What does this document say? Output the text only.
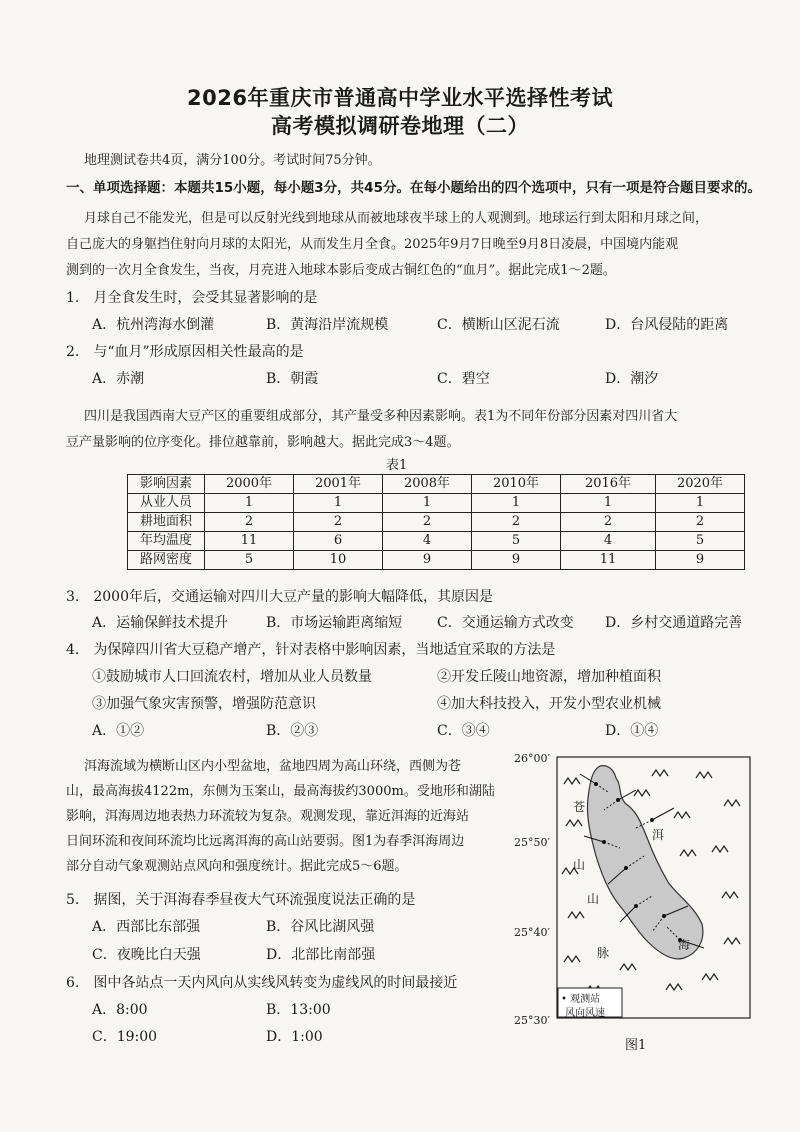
2026年重庆市普通高中学业水平选择性考试
高考模拟调研卷地理（二）
地理测试卷共4页，满分100分。考试时间75分钟。
一、单项选择题：本题共15小题，每小题3分，共45分。在每小题给出的四个选项中，只有一项是符合题目要求的。
月球自己不能发光，但是可以反射光线到地球从而被地球夜半球上的人观测到。地球运行到太阳和月球之间，
自己庞大的身躯挡住射向月球的太阳光，从而发生月全食。2025年9月7日晚至9月8日凌晨，中国境内能观
测到的一次月全食发生，当夜，月亮进入地球本影后变成古铜红色的“血月”。据此完成1～2题。
1.　月全食发生时，会受其显著影响的是
A．杭州湾海水倒灌	B．黄海沿岸流规模	C．横断山区泥石流	D．台风侵陆的距离
2.　与“血月”形成原因相关性最高的是
A．赤潮	B．朝霞	C．碧空	D．潮汐
四川是我国西南大豆产区的重要组成部分，其产量受多种因素影响。表1为不同年份部分因素对四川省大
豆产量影响的位序变化。排位越靠前，影响越大。据此完成3～4题。
表1
影响因素	2000年	2001年	2008年	2010年	2016年	2020年
从业人员	1	1	1	1	1	1
耕地面积	2	2	2	2	2	2
年均温度	11	6	4	5	4	5
路网密度	5	10	9	9	11	9
3.　2000年后，交通运输对四川大豆产量的影响大幅降低，其原因是
A．运输保鲜技术提升	B．市场运输距离缩短 C．交通运输方式改变 D．乡村交通道路完善
4.　为保障四川省大豆稳产增产，针对表格中影响因素，当地适宜采取的方法是
①鼓励城市人口回流农村，增加从业人员数量	②开发丘陵山地资源，增加种植面积
③加强气象灾害预警，增强防范意识	④加大科技投入，开发小型农业机械
A．①②	B．②③	C．③④	D．①④
洱海流域为横断山区内小型盆地，盆地四周为高山环绕，西侧为苍
山，最高海拔4122m，东侧为玉案山，最高海拔约3000m。受地形和湖陆
影响，洱海周边地表热力环流较为复杂。观测发现，靠近洱海的近海站
日间环流和夜间环流均比远离洱海的高山站要弱。图1为春季洱海周边
部分自动气象观测站点风向和强度统计。据此完成5～6题。
5.　据图，关于洱海春季昼夜大气环流强度说法正确的是
A．西部比东部强	B．谷风比湖风强
C．夜晚比白天强	D．北部比南部强
6.　图中各站点一天内风向从实线风转变为虚线风的时间最接近
A．8:00	B．13:00
C．19:00	D．1:00
26°00′
25°50′
25°40′
25°30′
苍
山
山
脉
洱
海
• 观测站
风向风速
图1
